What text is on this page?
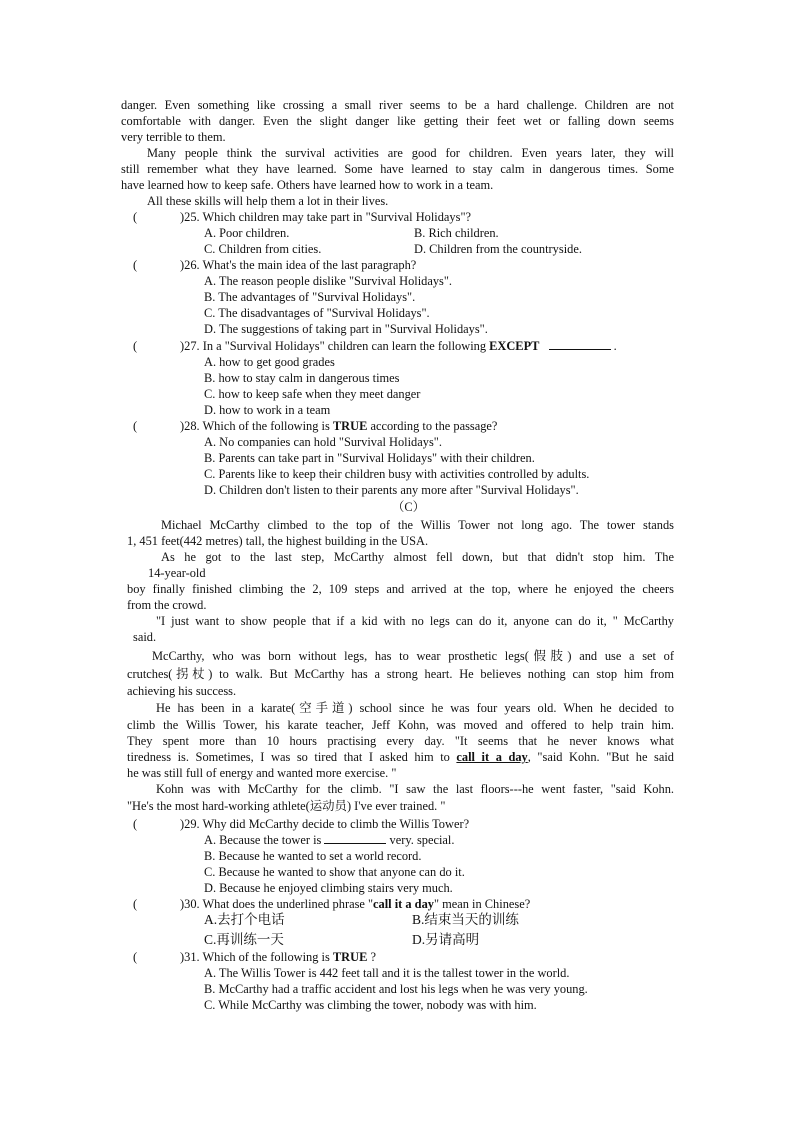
danger. Even something like crossing a small river seems to be a hard challenge. Children are not
comfortable with danger. Even the slight danger like getting their feet wet or falling down seems
very terrible to them.
Many people think the survival activities are good for children. Even years later, they will
still remember what they have learned. Some have learned to stay calm in dangerous times. Some
have learned how to keep safe. Others have learned how to work in a team.
All these skills will help them a lot in their lives.
(	)25. Which children may take part in "Survival Holidays"?
A. Poor children.	B. Rich children.
C. Children from cities.	D. Children from the countryside.
(	)26. What's the main idea of the last paragraph?
A. The reason people dislike "Survival Holidays".
B. The advantages of "Survival Holidays".
C. The disadvantages of "Survival Holidays".
D. The suggestions of taking part in "Survival Holidays".
(	)27. In a "Survival Holidays" children can learn the following EXCEPT	.
A. how to get good grades
B. how to stay calm in dangerous times
C. how to keep safe when they meet danger
D. how to work in a team
(	)28. Which of the following is TRUE according to the passage?
A. No companies can hold "Survival Holidays".
B. Parents can take part in "Survival Holidays" with their children.
C. Parents like to keep their children busy with activities controlled by adults.
D. Children don't listen to their parents any more after "Survival Holidays".
（C）
Michael McCarthy climbed to the top of the Willis Tower not long ago. The tower stands
1, 451 feet(442 metres) tall, the highest building in the USA.
As he got to the last step, McCarthy almost fell down, but that didn't stop him. The
14-year-old
boy finally finished climbing the 2, 109 steps and arrived at the top, where he enjoyed the cheers
from the crowd.
"I just want to show people that if a kid with no legs can do it, anyone can do it, " McCarthy
said.
McCarthy, who was born without legs, has to wear prosthetic legs(假肢) and use a set of
crutches(拐杖) to walk. But McCarthy has a strong heart. He believes nothing can stop him from
achieving his success.
He has been in a karate(空手道) school since he was four years old. When he decided to
climb the Willis Tower, his karate teacher, Jeff Kohn, was moved and offered to help train him.
They spent more than 10 hours practising every day. "It seems that he never knows what
tiredness is. Sometimes, I was so tired that I asked him to call it a day, "said Kohn. "But he said
he was still full of energy and wanted more exercise. "
Kohn was with McCarthy for the climb. "I saw the last floors---he went faster, "said Kohn.
"He's the most hard-working athlete(运动员) I've ever trained. "
(	)29. Why did McCarthy decide to climb the Willis Tower?
A. Because the tower is	very. special.
B. Because he wanted to set a world record.
C. Because he wanted to show that anyone can do it.
D. Because he enjoyed climbing stairs very much.
(	)30. What does the underlined phrase "call it a day" mean in Chinese?
A.去打个电话	B.结束当天的训练
C.再训练一天	D.另请高明
(	)31. Which of the following is TRUE ?
A. The Willis Tower is 442 feet tall and it is the tallest tower in the world.
B. McCarthy had a traffic accident and lost his legs when he was very young.
C. While McCarthy was climbing the tower, nobody was with him.
